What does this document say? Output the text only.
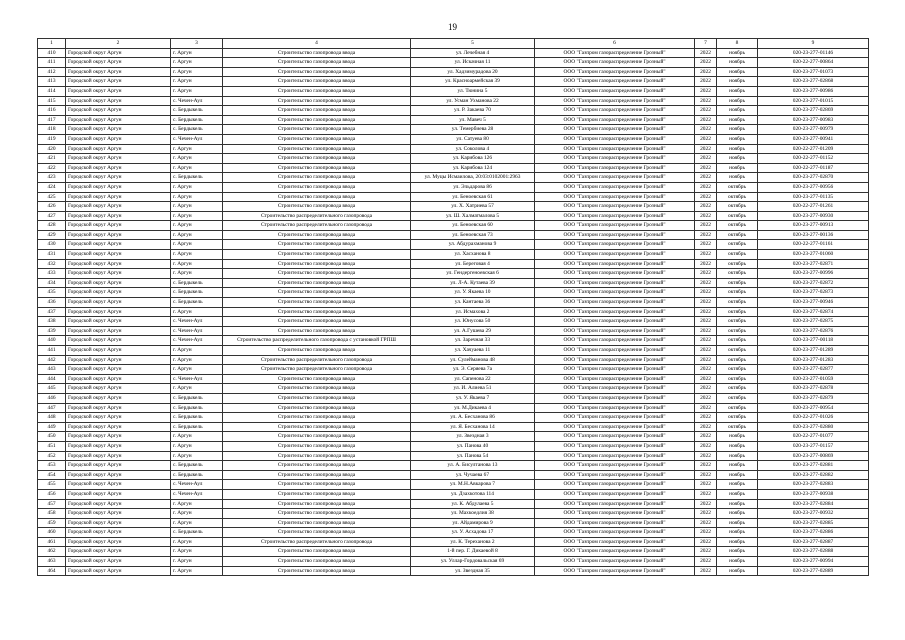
19
1	2	3	4	5	6	7	8	9
410	Городской округ Аргун	г. Аргун	Строительство газопровода ввода	ул. Лечебная 4	ООО "Газпром газораспределение Грозный"	2022	ноябрь	020-23-277-01146
411	Городской округ Аргун	г. Аргун	Строительство газопровода ввода	ул. Искачная 11	ООО "Газпром газораспределение Грозный"	2022	ноябрь	020-22-277-00864
412	Городской округ Аргун	г. Аргун	Строительство газопровода ввода	ул. Хадзимурадова 20	ООО "Газпром газораспределение Грозный"	2022	ноябрь	020-23-277-01073
413	Городской округ Аргун	г. Аргун	Строительство газопровода ввода	ул. Красноармейская 39	ООО "Газпром газораспределение Грозный"	2022	ноябрь	020-23-277-02868
414	Городской округ Аргун	г. Аргун	Строительство газопровода ввода	ул. Тюнина 5	ООО "Газпром газораспределение Грозный"	2022	ноябрь	020-23-277-00986
415	Городской округ Аргун	с. Чечен-Аул	Строительство газопровода ввода	ул. Усман Ухманова 22	ООО "Газпром газораспределение Грозный"	2022	ноябрь	020-23-277-01015
416	Городской округ Аргун	с. Бердыкель	Строительство газопровода ввода	ул. Р. Закаева 70	ООО "Газпром газораспределение Грозный"	2022	ноябрь	020-23-277-02869
417	Городской округ Аргун	с. Бердыкель	Строительство газопровода ввода	ул. Мавеч 5	ООО "Газпром газораспределение Грозный"	2022	ноябрь	020-23-277-00983
418	Городской округ Аргун	с. Бердыкель	Строительство газопровода ввода	ул. Темербиева 28	ООО "Газпром газораспределение Грозный"	2022	ноябрь	020-23-277-00979
419	Городской округ Аргун	с. Чечен-Аул	Строительство газопровода ввода	ул. Сатуева 80	ООО "Газпром газораспределение Грозный"	2022	ноябрь	020-23-277-00941
420	Городской округ Аргун	г. Аргун	Строительство газопровода ввода	ул. Соколова 4	ООО "Газпром газораспределение Грозный"	2022	ноябрь	020-22-277-01209
421	Городской округ Аргун	г. Аргун	Строительство газопровода ввода	ул. Карибова 126	ООО "Газпром газораспределение Грозный"	2022	ноябрь	020-22-277-01152
422	Городской округ Аргун	г. Аргун	Строительство газопровода ввода	ул. Карибова 124	ООО "Газпром газораспределение Грозный"	2022	ноябрь	020-22-277-01187
423	Городской округ Аргун	с. Бердыкель	Строительство газопровода ввода	ул. Муцы Исмаилова, 20:03:0102001:2963	ООО "Газпром газораспределение Грозный"	2022	ноябрь	020-23-277-02870
424	Городской округ Аргун	г. Аргун	Строительство газопровода ввода	ул. Эльдарова 86	ООО "Газпром газораспределение Грозный"	2022	октябрь	020-23-277-00956
425	Городской округ Аргун	г. Аргун	Строительство газопровода ввода	ул. Беноевская 61	ООО "Газпром газораспределение Грозный"	2022	октябрь	020-23-277-01135
426	Городской округ Аргун	г. Аргун	Строительство газопровода ввода	ул. Х. Хатриева 57	ООО "Газпром газораспределение Грозный"	2022	октябрь	020-22-277-01261
427	Городской округ Аргун	г. Аргун	Строительство распределительного газопровода	ул. Ш. Халматмалова 5	ООО "Газпром газораспределение Грозный"	2022	октябрь	020-23-277-00930
428	Городской округ Аргун	г. Аргун	Строительство распределительного газопровода	ул. Беноевская 60	ООО "Газпром газораспределение Грозный"	2022	октябрь	020-23-277-00913
429	Городской округ Аргун	г. Аргун	Строительство газопровода ввода	ул. Беноевская 73	ООО "Газпром газораспределение Грозный"	2022	октябрь	020-23-277-00136
430	Городской округ Аргун	г. Аргун	Строительство газопровода ввода	ул. Абдурахманова 9	ООО "Газпром газораспределение Грозный"	2022	октябрь	020-22-277-01161
431	Городской округ Аргун	г. Аргун	Строительство газопровода ввода	ул. Хасханова 8	ООО "Газпром газораспределение Грозный"	2022	октябрь	020-23-277-01060
432	Городской округ Аргун	г. Аргун	Строительство газопровода ввода	ул. Береговая 4	ООО "Газпром газораспределение Грозный"	2022	октябрь	020-23-277-02871
433	Городской округ Аргун	г. Аргун	Строительство газопровода ввода	ул. Гендергеноевская 6	ООО "Газпром газораспределение Грозный"	2022	октябрь	020-23-277-00996
434	Городской округ Аргун	с. Бердыкель	Строительство газопровода ввода	ул. Л-А. Кутаева 39	ООО "Газпром газораспределение Грозный"	2022	октябрь	020-23-277-02872
435	Городской округ Аргун	с. Бердыкель	Строительство газопровода ввода	ул. У. Якаева 10	ООО "Газпром газораспределение Грозный"	2022	октябрь	020-23-277-02873
436	Городской округ Аргун	с. Бердыкель	Строительство газопровода ввода	ул. Кантаева 36	ООО "Газпром газораспределение Грозный"	2022	октябрь	020-23-277-00946
437	Городской округ Аргун	г. Аргун	Строительство газопровода ввода	ул. Исмахова 2	ООО "Газпром газораспределение Грозный"	2022	октябрь	020-23-277-02874
438	Городской округ Аргун	с. Чечен-Аул	Строительство газопровода ввода	ул. Юнусова 50	ООО "Газпром газораспределение Грозный"	2022	октябрь	020-23-277-02875
439	Городской округ Аргун	с. Чечен-Аул	Строительство газопровода ввода	ул. А.Гушева 29	ООО "Газпром газораспределение Грозный"	2022	октябрь	020-23-277-02876
440	Городской округ Аргун	с. Чечен-Аул	Строительство распределительного газопровода с установкой ГРПШ	ул. Заречная 33	ООО "Газпром газораспределение Грозный"	2022	октябрь	020-23-277-00118
441	Городской округ Аргун	г. Аргун	Строительство газопровода ввода	ул. Хачуаева 11	ООО "Газпром газораспределение Грозный"	2022	октябрь	020-23-277-01289
442	Городской округ Аргун	г. Аргун	Строительство распределительного газопровода	ул. Сулейманова 48	ООО "Газпром газораспределение Грозный"	2022	октябрь	020-23-277-01283
443	Городской округ Аргун	г. Аргун	Строительство распределительного газопровода	ул. Э. Серяева 7а	ООО "Газпром газораспределение Грозный"	2022	октябрь	020-23-277-02877
444	Городской округ Аргун	с. Чечен-Аул	Строительство газопровода ввода	ул. Сапенова 22	ООО "Газпром газораспределение Грозный"	2022	октябрь	020-23-277-01059
445	Городской округ Аргун	г. Аргун	Строительство газопровода ввода	ул. И. Алиева 51	ООО "Газпром газораспределение Грозный"	2022	октябрь	020-23-277-02878
446	Городской округ Аргун	с. Бердыкель	Строительство газопровода ввода	ул. У. Якаева 7	ООО "Газпром газораспределение Грозный"	2022	октябрь	020-23-277-02879
447	Городской округ Аргун	с. Бердыкель	Строительство газопровода ввода	ул. М.Дикаева 4	ООО "Газпром газораспределение Грозный"	2022	октябрь	020-23-277-00954
448	Городской округ Аргун	с. Бердыкель	Строительство газопровода ввода	ул. А. Бесханова 86	ООО "Газпром газораспределение Грозный"	2022	октябрь	020-22-277-01026
449	Городской округ Аргун	с. Бердыкель	Строительство газопровода ввода	ул. Я. Бесханова 14	ООО "Газпром газораспределение Грозный"	2022	октябрь	020-23-277-02880
450	Городской округ Аргун	г. Аргун	Строительство газопровода ввода	ул. Звездная 3	ООО "Газпром газораспределение Грозный"	2022	ноябрь	020-22-277-01077
451	Городской округ Аргун	г. Аргун	Строительство газопровода ввода	ул. Панова 40	ООО "Газпром газораспределение Грозный"	2022	ноябрь	020-23-277-01157
452	Городской округ Аргун	г. Аргун	Строительство газопровода ввода	ул. Панова 54	ООО "Газпром газораспределение Грозный"	2022	ноябрь	020-23-277-00869
453	Городской округ Аргун	с. Бердыкель	Строительство газопровода ввода	ул. А. Бисултанова 13	ООО "Газпром газораспределение Грозный"	2022	ноябрь	020-23-277-02881
454	Городской округ Аргун	с. Бердыкель	Строительство газопровода ввода	ул. Чучаева 67	ООО "Газпром газораспределение Грозный"	2022	ноябрь	020-23-277-02882
455	Городской округ Аргун	с. Чечен-Аул	Строительство газопровода ввода	ул. М.Н.Авкарова 7	ООО "Газпром газораспределение Грозный"	2022	ноябрь	020-23-277-02883
456	Городской округ Аргун	с. Чечен-Аул	Строительство газопровода ввода	ул. Дзахкотова 114	ООО "Газпром газораспределение Грозный"	2022	ноябрь	020-23-277-00938
457	Городской округ Аргун	г. Аргун	Строительство газопровода ввода	ул. К. Абдулаева 5	ООО "Газпром газораспределение Грозный"	2022	ноябрь	020-23-277-02884
458	Городской округ Аргун	г. Аргун	Строительство газопровода ввода	ул. Махкоедлия 38	ООО "Газпром газораспределение Грозный"	2022	ноябрь	020-23-277-00932
459	Городской округ Аргун	г. Аргун	Строительство газопровода ввода	ул. Айдамирова 9	ООО "Газпром газораспределение Грозный"	2022	ноябрь	020-23-277-02885
460	Городской округ Аргун	с. Бердыкель	Строительство газопровода ввода	ул. У. Асхадова 17	ООО "Газпром газораспределение Грозный"	2022	ноябрь	020-23-277-02886
461	Городской округ Аргун	г. Аргун	Строительство распределительного газопровода	ул. К. Тереханова 2	ООО "Газпром газораспределение Грозный"	2022	ноябрь	020-23-277-02887
462	Городской округ Аргун	г. Аргун	Строительство газопровода ввода	1-й пер. Г. Дикаевой 8	ООО "Газпром газораспределение Грозный"	2022	ноябрь	020-23-277-02888
463	Городской округ Аргун	г. Аргун	Строительство газопровода ввода	ул. Уллар-Гордовальская 69	ООО "Газпром газораспределение Грозный"	2022	ноябрь	020-23-277-00994
464	Городской округ Аргун	г. Аргун	Строительство газопровода ввода	ул. Звездная 35	ООО "Газпром газораспределение Грозный"	2022	ноябрь	020-23-277-02889
